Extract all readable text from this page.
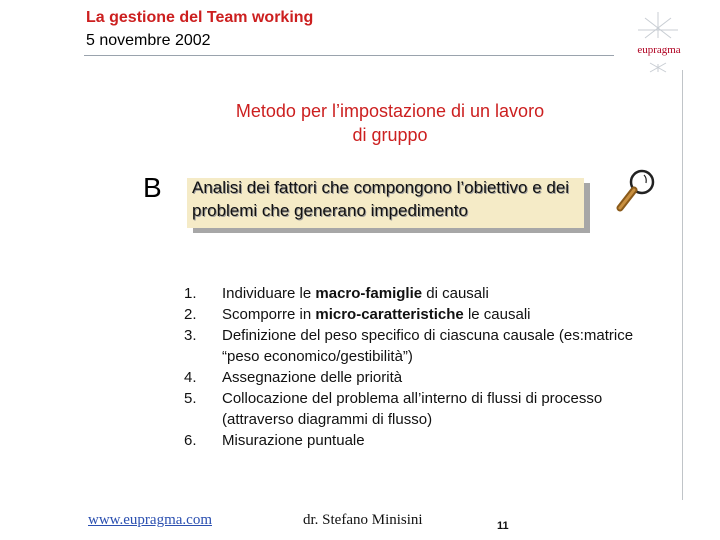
La gestione del Team working
5 novembre 2002
eupragma
Metodo per l’impostazione di un lavoro
di gruppo
B Analisi dei fattori che compongono l’obiettivo e dei problemi che generano impedimento
1.	Individuare le macro-famiglie di causali
2.	Scomporre in micro-caratteristiche le causali
3.	Definizione del peso specifico di ciascuna causale (es:matrice “peso economico/gestibilità”)
4.	Assegnazione delle priorità
5.	Collocazione del problema all’interno di flussi di processo (attraverso diagrammi di flusso)
6.	Misurazione puntuale
www.eupragma.com	dr. Stefano Minisini	11
